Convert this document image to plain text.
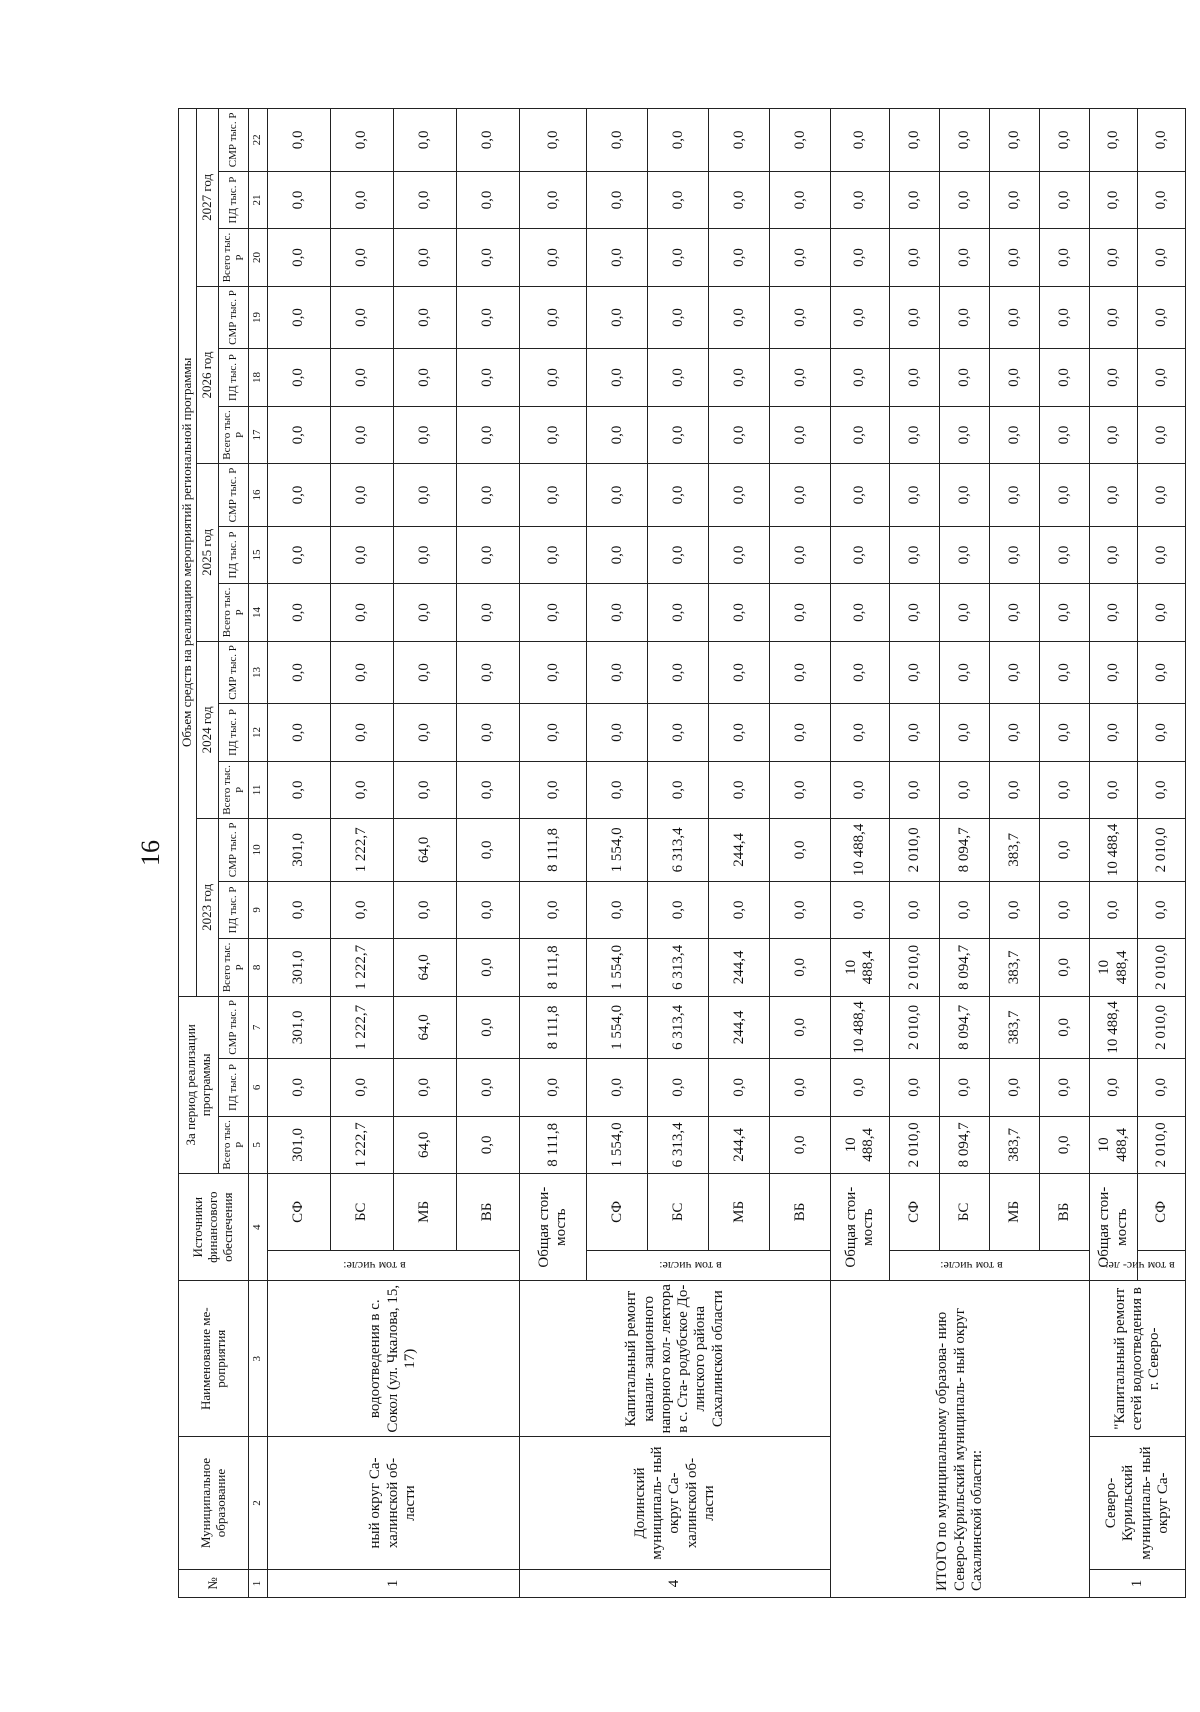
16
№	Муниципальное образование	Наименование ме- роприятия	Источники финансового обеспечения		За период реализации программы			Объем средств на реализацию мероприятий региональной программы														
								2023 год			2024 год			2025 год			2026 год			2027 год		
					Всего тыс. Р	ПД тыс. Р	СМР тыс. Р	Всего тыс. Р	ПД тыс. Р	СМР тыс. Р	Всего тыс. Р	ПД тыс. Р	СМР тыс. Р	Всего тыс. Р	ПД тыс. Р	СМР тыс. Р	Всего тыс. Р	ПД тыс. Р	СМР тыс. Р	Всего тыс. Р	ПД тыс. Р	СМР тыс. Р
1	2	3	4		5	6	7	8	9	10	11	12	13	14	15	16	17	18	19	20	21	22
1	ный округ Са- халинской об- ласти	водоотведения в с. Сокол (ул. Чкалова, 15, 17)	в том числе:	СФ	301,0	0,0	301,0	301,0	0,0	301,0	0,0	0,0	0,0	0,0	0,0	0,0	0,0	0,0	0,0	0,0	0,0	0,0
				БС	1 222,7	0,0	1 222,7	1 222,7	0,0	1 222,7	0,0	0,0	0,0	0,0	0,0	0,0	0,0	0,0	0,0	0,0	0,0	0,0
				МБ	64,0	0,0	64,0	64,0	0,0	64,0	0,0	0,0	0,0	0,0	0,0	0,0	0,0	0,0	0,0	0,0	0,0	0,0
				ВБ	0,0	0,0	0,0	0,0	0,0	0,0	0,0	0,0	0,0	0,0	0,0	0,0	0,0	0,0	0,0	0,0	0,0	0,0
4	Долинский муниципаль- ный округ Са- халинской об- ласти	Капитальный ремонт канали- зационного напорного кол- лектора в с. Ста- родубское До- линского района Сахалинской области	Общая стои- мость		8 111,8	0,0	8 111,8	8 111,8	0,0	8 111,8	0,0	0,0	0,0	0,0	0,0	0,0	0,0	0,0	0,0	0,0	0,0	0,0

			в том числе:	СФ	1 554,0	0,0	1 554,0	1 554,0	0,0	1 554,0	0,0	0,0	0,0	0,0	0,0	0,0	0,0	0,0	0,0	0,0	0,0	0,0
				БС	6 313,4	0,0	6 313,4	6 313,4	0,0	6 313,4	0,0	0,0	0,0	0,0	0,0	0,0	0,0	0,0	0,0	0,0	0,0	0,0
				МБ	244,4	0,0	244,4	244,4	0,0	244,4	0,0	0,0	0,0	0,0	0,0	0,0	0,0	0,0	0,0	0,0	0,0	0,0
				ВБ	0,0	0,0	0,0	0,0	0,0	0,0	0,0	0,0	0,0	0,0	0,0	0,0	0,0	0,0	0,0	0,0	0,0	0,0
ИТОГО по муниципальному образова- нию Северо-Курильский муниципаль- ный округ Сахалинской области:			Общая стои- мость		10 488,4	0,0	10 488,4	10 488,4	0,0	10 488,4	0,0	0,0	0,0	0,0	0,0	0,0	0,0	0,0	0,0	0,0	0,0	0,0

			в том числе:	СФ	2 010,0	0,0	2 010,0	2 010,0	0,0	2 010,0	0,0	0,0	0,0	0,0	0,0	0,0	0,0	0,0	0,0	0,0	0,0	0,0
				БС	8 094,7	0,0	8 094,7	8 094,7	0,0	8 094,7	0,0	0,0	0,0	0,0	0,0	0,0	0,0	0,0	0,0	0,0	0,0	0,0
				МБ	383,7	0,0	383,7	383,7	0,0	383,7	0,0	0,0	0,0	0,0	0,0	0,0	0,0	0,0	0,0	0,0	0,0	0,0
				ВБ	0,0	0,0	0,0	0,0	0,0	0,0	0,0	0,0	0,0	0,0	0,0	0,0	0,0	0,0	0,0	0,0	0,0	0,0
1	Северо- Курильский муниципаль- ный округ Са-	"Капитальный ремонт сетей водоотведения в г. Северо-	Общая стои- мость		10 488,4	0,0	10 488,4	10 488,4	0,0	10 488,4	0,0	0,0	0,0	0,0	0,0	0,0	0,0	0,0	0,0	0,0	0,0	0,0

			в том чис- ле:	СФ	2 010,0	0,0	2 010,0	2 010,0	0,0	2 010,0	0,0	0,0	0,0	0,0	0,0	0,0	0,0	0,0	0,0	0,0	0,0	0,0
